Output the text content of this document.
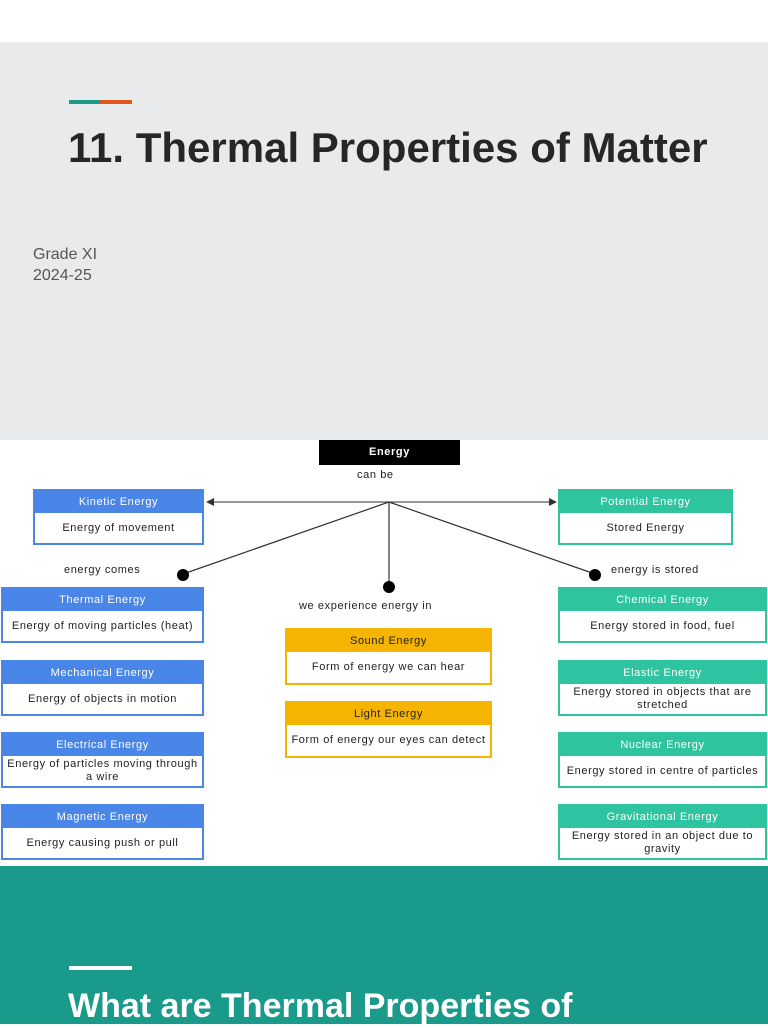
11. Thermal Properties of Matter
Grade XI
2024-25
Energy
can be
Kinetic Energy
Energy of movement
Potential Energy
Stored Energy
energy comes
we experience energy in
energy is stored
Thermal Energy
Energy of moving particles (heat)
Mechanical Energy
Energy of objects in motion
Electrical Energy
Energy of particles moving through a wire
Magnetic Energy
Energy causing push or pull
Sound Energy
Form of energy we can hear
Light Energy
Form of energy our eyes can detect
Chemical Energy
Energy stored in food, fuel
Elastic Energy
Energy stored in objects that are stretched
Nuclear Energy
Energy stored in centre of particles
Gravitational Energy
Energy stored in an object due to gravity
What are Thermal Properties of
